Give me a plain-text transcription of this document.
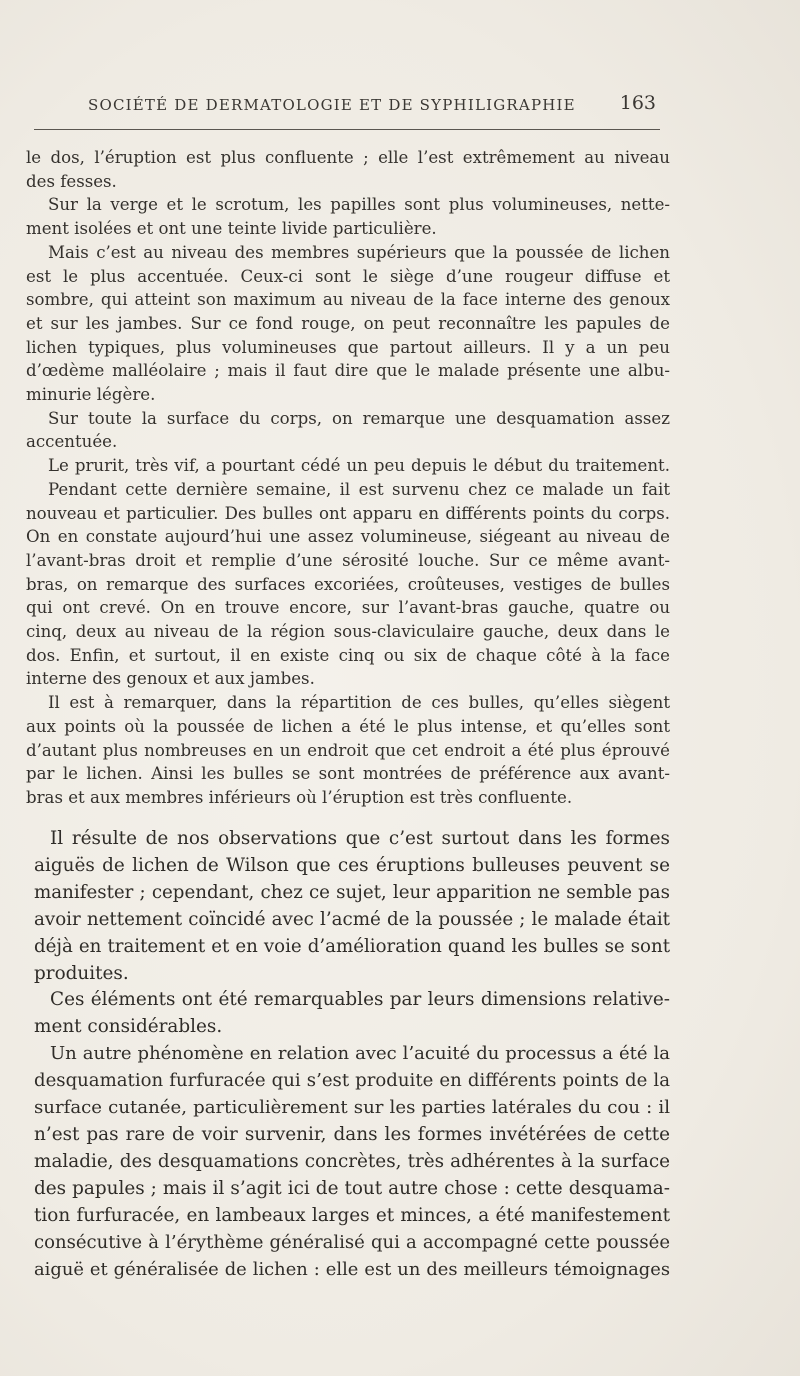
SOCIÉTÉ DE DERMATOLOGIE ET DE SYPHILIGRAPHIE 163
le dos, l’éruption est plus confluente ; elle l’est extrêmement au niveau
des fesses.
Sur la verge et le scrotum, les papilles sont plus volumineuses, nette-
ment isolées et ont une teinte livide particulière.
Mais c’est au niveau des membres supérieurs que la poussée de lichen
est le plus accentuée. Ceux-ci sont le siège d’une rougeur diffuse et
sombre, qui atteint son maximum au niveau de la face interne des genoux
et sur les jambes. Sur ce fond rouge, on peut reconnaître les papules de
lichen typiques, plus volumineuses que partout ailleurs. Il y a un peu
d’œdème malléolaire ; mais il faut dire que le malade présente une albu-
minurie légère.
Sur toute la surface du corps, on remarque une desquamation assez
accentuée.
Le prurit, très vif, a pourtant cédé un peu depuis le début du traitement.
Pendant cette dernière semaine, il est survenu chez ce malade un fait
nouveau et particulier. Des bulles ont apparu en différents points du corps.
On en constate aujourd’hui une assez volumineuse, siégeant au niveau de
l’avant-bras droit et remplie d’une sérosité louche. Sur ce même avant-
bras, on remarque des surfaces excoriées, croûteuses, vestiges de bulles
qui ont crevé. On en trouve encore, sur l’avant-bras gauche, quatre ou
cinq, deux au niveau de la région sous-claviculaire gauche, deux dans le
dos. Enfin, et surtout, il en existe cinq ou six de chaque côté à la face
interne des genoux et aux jambes.
Il est à remarquer, dans la répartition de ces bulles, qu’elles siègent
aux points où la poussée de lichen a été le plus intense, et qu’elles sont
d’autant plus nombreuses en un endroit que cet endroit a été plus éprouvé
par le lichen. Ainsi les bulles se sont montrées de préférence aux avant-
bras et aux membres inférieurs où l’éruption est très confluente.
Il résulte de nos observations que c’est surtout dans les formes
aiguës de lichen de Wilson que ces éruptions bulleuses peuvent se
manifester ; cependant, chez ce sujet, leur apparition ne semble pas
avoir nettement coïncidé avec l’acmé de la poussée ; le malade était
déjà en traitement et en voie d’amélioration quand les bulles se sont
produites.
Ces éléments ont été remarquables par leurs dimensions relative-
ment considérables.
Un autre phénomène en relation avec l’acuité du processus a été la
desquamation furfuracée qui s’est produite en différents points de la
surface cutanée, particulièrement sur les parties latérales du cou : il
n’est pas rare de voir survenir, dans les formes invétérées de cette
maladie, des desquamations concrètes, très adhérentes à la surface
des papules ; mais il s’agit ici de tout autre chose : cette desquama-
tion furfuracée, en lambeaux larges et minces, a été manifestement
consécutive à l’érythème généralisé qui a accompagné cette poussée
aiguë et généralisée de lichen : elle est un des meilleurs témoignages
